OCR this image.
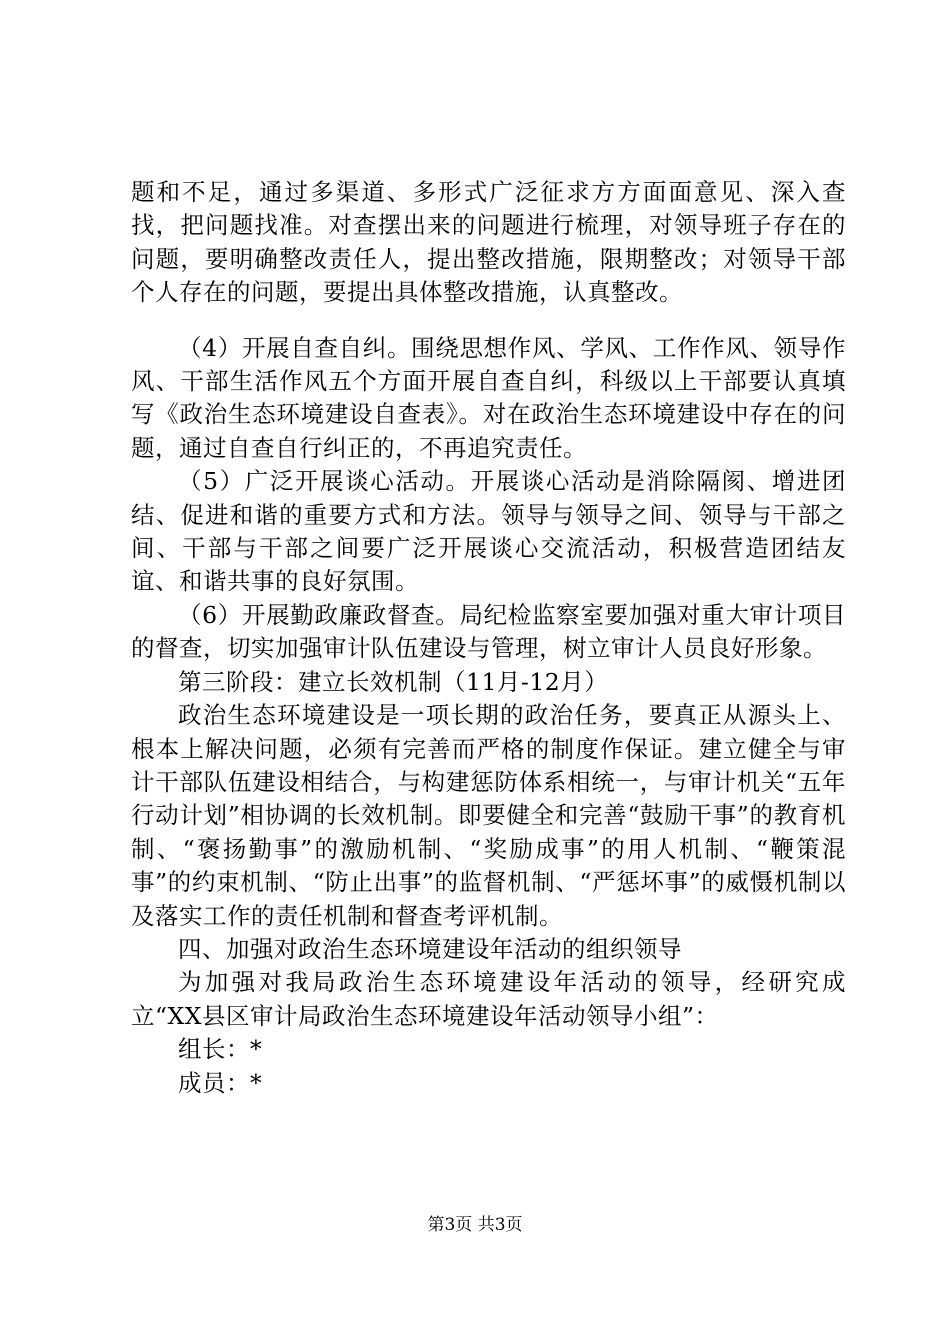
题和不足，通过多渠道、多形式广泛征求方方面面意见、深入查找，把问题找准。对查摆出来的问题进行梳理，对领导班子存在的问题，要明确整改责任人，提出整改措施，限期整改；对领导干部个人存在的问题，要提出具体整改措施，认真整改。

（4）开展自查自纠。围绕思想作风、学风、工作作风、领导作风、干部生活作风五个方面开展自查自纠，科级以上干部要认真填写《政治生态环境建设自查表》。对在政治生态环境建设中存在的问题，通过自查自行纠正的，不再追究责任。

（5）广泛开展谈心活动。开展谈心活动是消除隔阂、增进团结、促进和谐的重要方式和方法。领导与领导之间、领导与干部之间、干部与干部之间要广泛开展谈心交流活动，积极营造团结友谊、和谐共事的良好氛围。

（6）开展勤政廉政督查。局纪检监察室要加强对重大审计项目的督查，切实加强审计队伍建设与管理，树立审计人员良好形象。

第三阶段：建立长效机制（11月-12月）

政治生态环境建设是一项长期的政治任务，要真正从源头上、根本上解决问题，必须有完善而严格的制度作保证。建立健全与审计干部队伍建设相结合，与构建惩防体系相统一，与审计机关“五年行动计划”相协调的长效机制。即要健全和完善“鼓励干事”的教育机制、“褒扬勤事”的激励机制、“奖励成事”的用人机制、“鞭策混事”的约束机制、“防止出事”的监督机制、“严惩坏事”的威慑机制以及落实工作的责任机制和督查考评机制。

四、加强对政治生态环境建设年活动的组织领导

为加强对我局政治生态环境建设年活动的领导，经研究成立“XX县区审计局政治生态环境建设年活动领导小组”：

组长：*

成员：*

第3页 共3页
